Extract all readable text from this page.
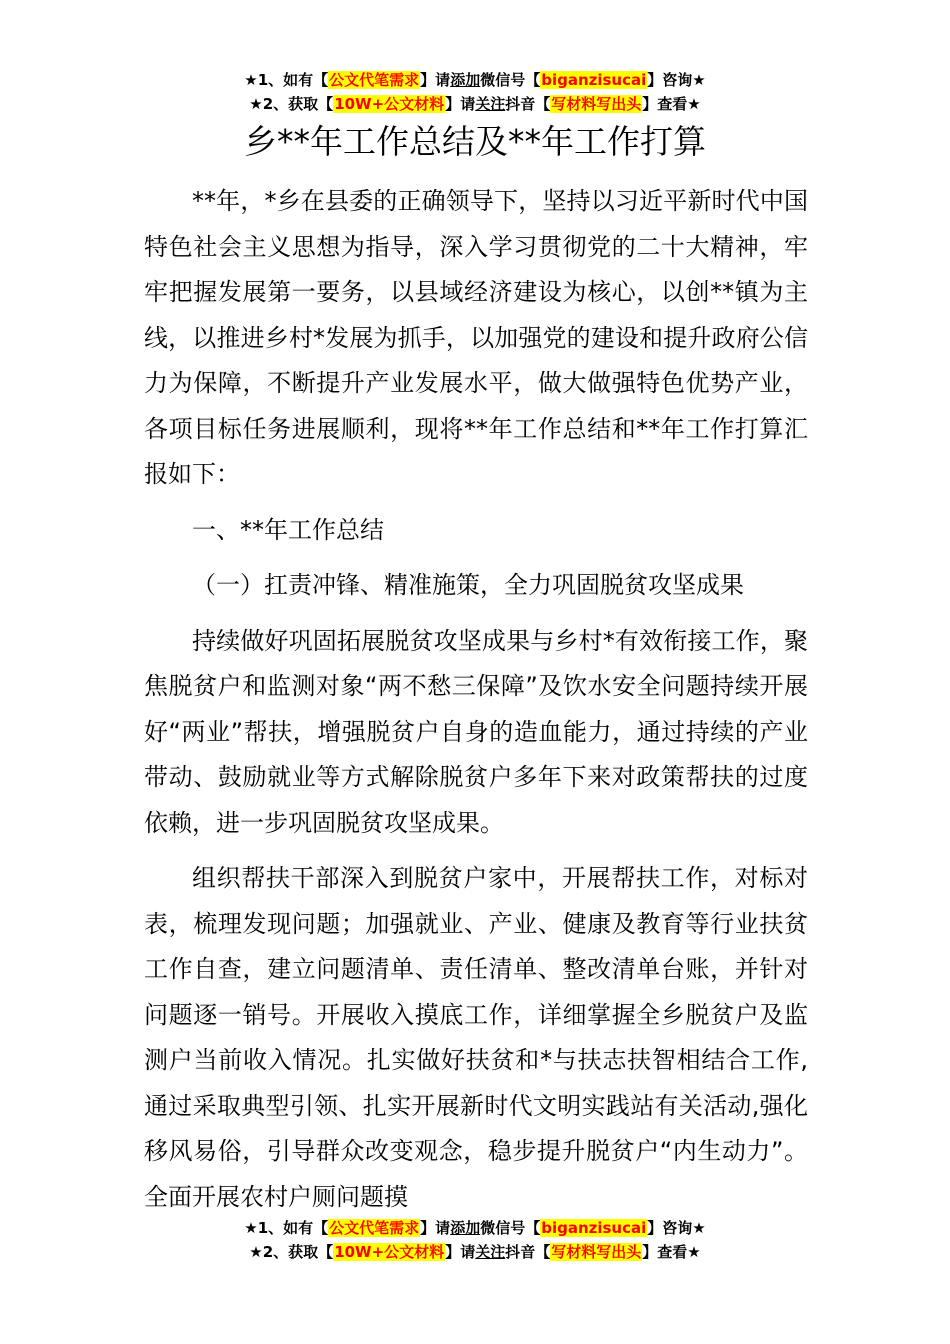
★1、如有【公文代笔需求】请添加微信号【biganzisucai】咨询★
★2、获取【10W+公文材料】请关注抖音【写材料写出头】查看★
乡**年工作总结及**年工作打算

**年，*乡在县委的正确领导下，坚持以习近平新时代中国特色社会主义思想为指导，深入学习贯彻党的二十大精神，牢牢把握发展第一要务，以县域经济建设为核心，以创**镇为主线，以推进乡村*发展为抓手，以加强党的建设和提升政府公信力为保障，不断提升产业发展水平，做大做强特色优势产业，各项目标任务进展顺利，现将**年工作总结和**年工作打算汇报如下：

一、**年工作总结

（一）扛责冲锋、精准施策，全力巩固脱贫攻坚成果

持续做好巩固拓展脱贫攻坚成果与乡村*有效衔接工作，聚焦脱贫户和监测对象“两不愁三保障”及饮水安全问题持续开展好“两业”帮扶，增强脱贫户自身的造血能力，通过持续的产业带动、鼓励就业等方式解除脱贫户多年下来对政策帮扶的过度依赖，进一步巩固脱贫攻坚成果。

组织帮扶干部深入到脱贫户家中，开展帮扶工作，对标对表，梳理发现问题；加强就业、产业、健康及教育等行业扶贫工作自查，建立问题清单、责任清单、整改清单台账，并针对问题逐一销号。开展收入摸底工作，详细掌握全乡脱贫户及监测户当前收入情况。扎实做好扶贫和*与扶志扶智相结合工作,通过采取典型引领、扎实开展新时代文明实践站有关活动,强化移风易俗，引导群众改变观念，稳步提升脱贫户“内生动力”。全面开展农村户厕问题摸

★1、如有【公文代笔需求】请添加微信号【biganzisucai】咨询★
★2、获取【10W+公文材料】请关注抖音【写材料写出头】查看★
